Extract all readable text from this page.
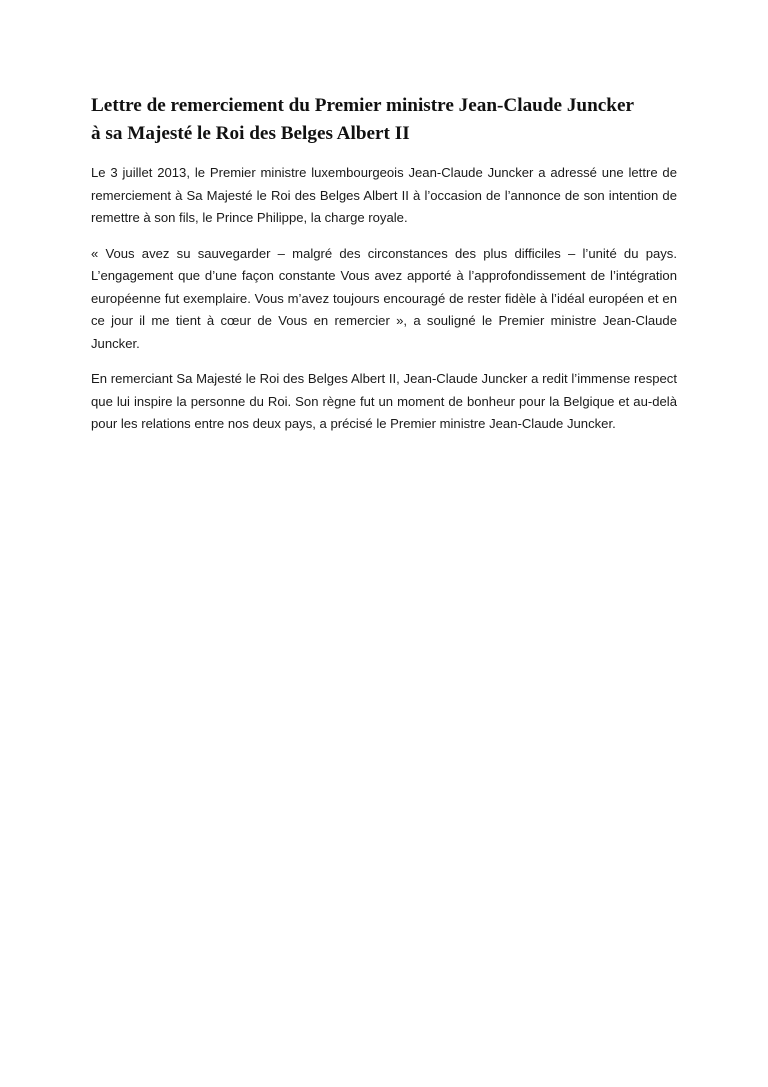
Lettre de remerciement du Premier ministre Jean-Claude Juncker
à sa Majesté le Roi des Belges Albert II

Le 3 juillet 2013, le Premier ministre luxembourgeois Jean-Claude Juncker a adressé une lettre de remerciement à Sa Majesté le Roi des Belges Albert II à l’occasion de l’annonce de son intention de remettre à son fils, le Prince Philippe, la charge royale.

« Vous avez su sauvegarder – malgré des circonstances des plus difficiles – l’unité du pays. L’engagement que d’une façon constante Vous avez apporté à l’approfondissement de l’intégration européenne fut exemplaire. Vous m’avez toujours encouragé de rester fidèle à l’idéal européen et en ce jour il me tient à cœur de Vous en remercier », a souligné le Premier ministre Jean-Claude Juncker.

En remerciant Sa Majesté le Roi des Belges Albert II, Jean-Claude Juncker a redit l’immense respect que lui inspire la personne du Roi. Son règne fut un moment de bonheur pour la Belgique et au-delà pour les relations entre nos deux pays, a précisé le Premier ministre Jean-Claude Juncker.
